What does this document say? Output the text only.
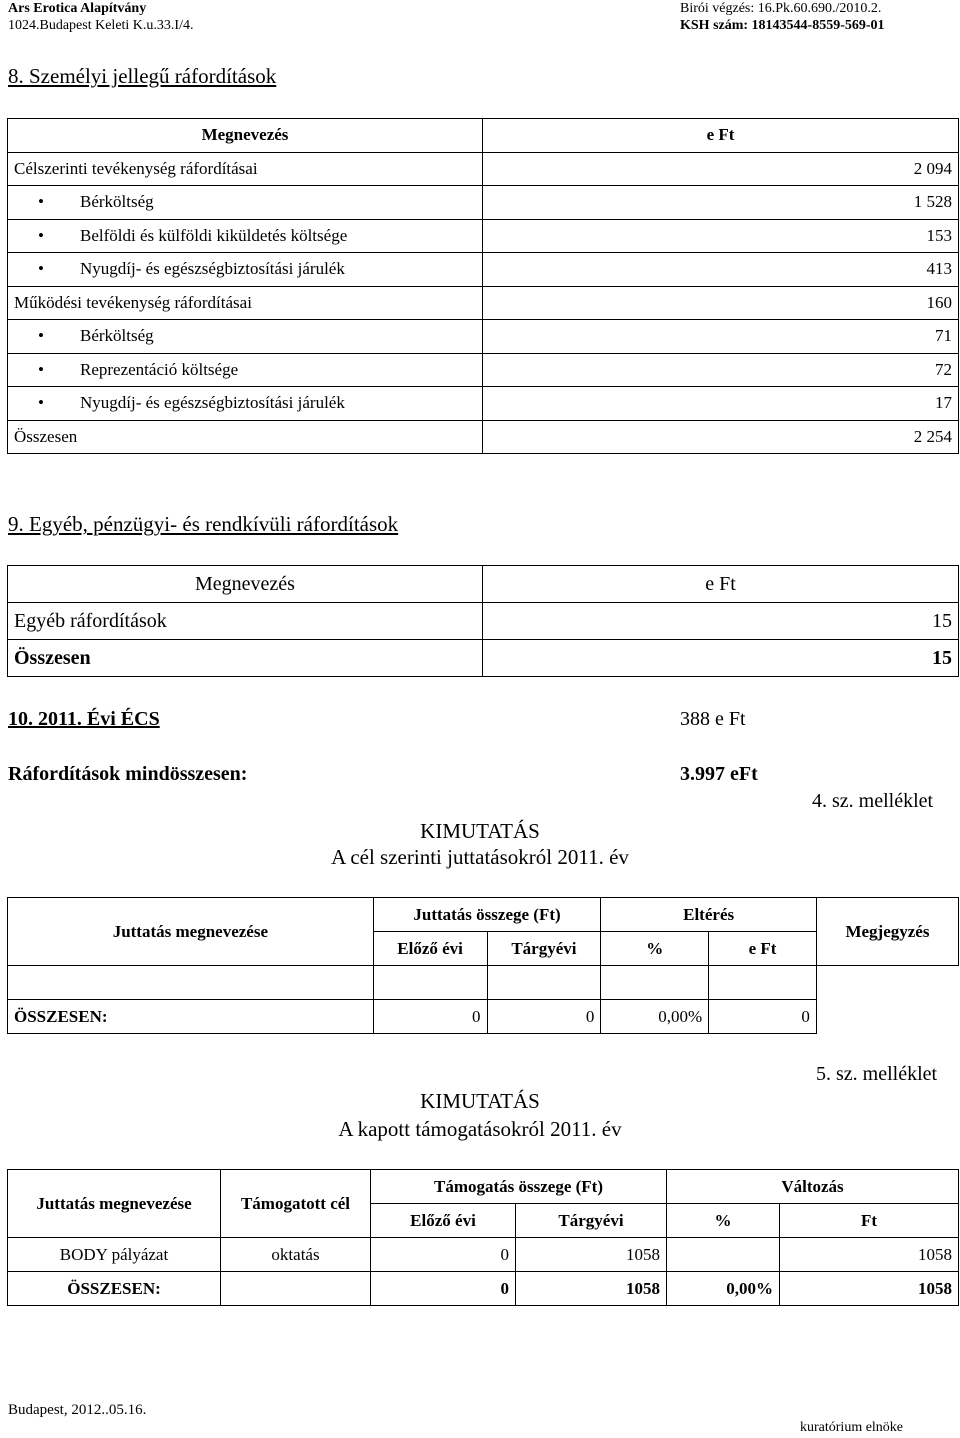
Ars Erotica Alapítvány
1024.Budapest Keleti K.u.33.I/4.
Birói végzés: 16.Pk.60.690./2010.2.
KSH szám: 18143544-8559-569-01
8. Személyi jellegű ráfordítások
Megnevezés	e Ft
Célszerinti tevékenység ráfordításai	2 094
• Bérköltség	1 528
• Belföldi és külföldi kiküldetés költsége	153
• Nyugdíj- és egészségbiztosítási járulék	413
Működési tevékenység ráfordításai	160
• Bérköltség	71
• Reprezentáció költsége	72
• Nyugdíj- és egészségbiztosítási járulék	17
Összesen	2 254
9. Egyéb, pénzügyi- és rendkívüli ráfordítások
Megnevezés	e Ft
Egyéb ráfordítások	15
Összesen	15
10. 2011. Évi ÉCS	388 e Ft
Ráfordítások mindösszesen:	3.997 eFt
4. sz. melléklet
KIMUTATÁS
A cél szerinti juttatásokról 2011. év
Juttatás megnevezése	Juttatás összege (Ft)		Eltérés		Megjegyzés
	Előző évi	Tárgyévi	%	e Ft	

ÖSSZESEN:	0	0	0,00%	0	
5. sz. melléklet
KIMUTATÁS
A kapott támogatásokról 2011. év
Juttatás megnevezése	Támogatott cél	Támogatás összege (Ft)		Változás	
		Előző évi	Tárgyévi	%	Ft
BODY pályázat	oktatás	0	1058		1058
ÖSSZESEN:		0	1058	0,00%	1058
Budapest, 2012..05.16.
kuratórium elnöke
